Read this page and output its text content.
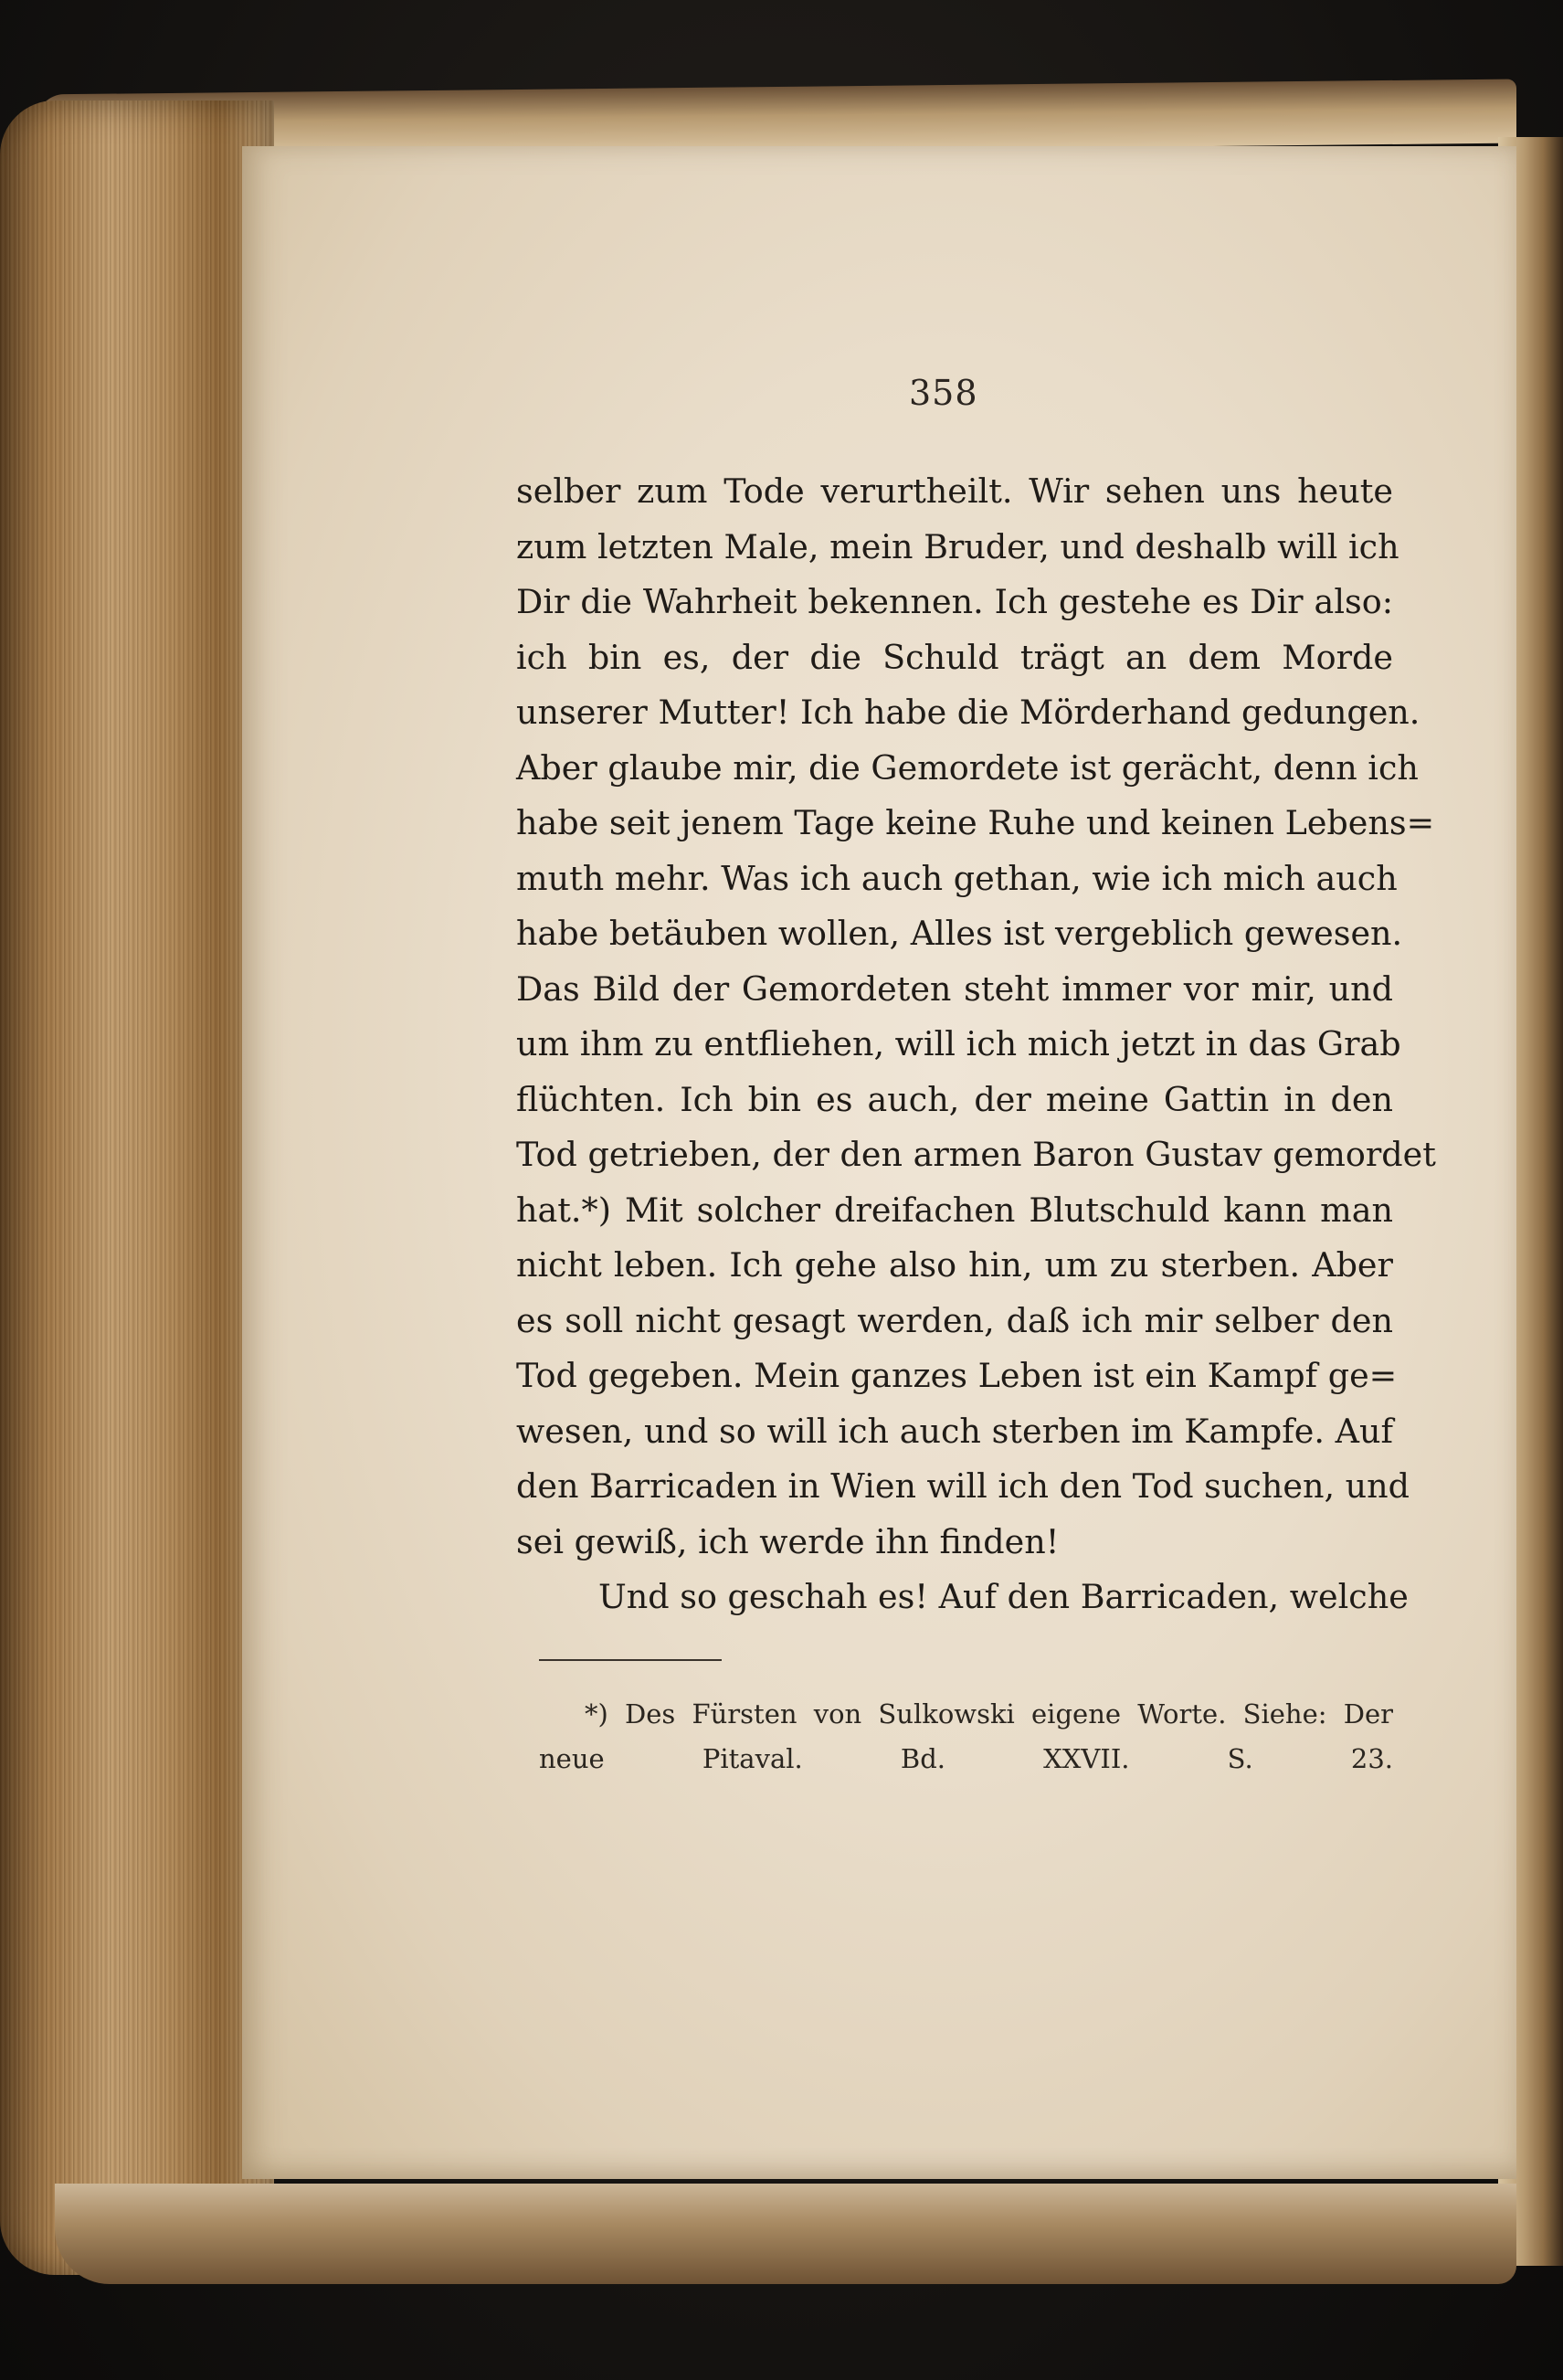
358
selber zum Tode verurtheilt. Wir sehen uns heute
zum letzten Male, mein Bruder, und deshalb will ich
Dir die Wahrheit bekennen. Ich gestehe es Dir also:
ich bin es, der die Schuld trägt an dem Morde
unserer Mutter! Ich habe die Mörderhand gedungen.
Aber glaube mir, die Gemordete ist gerächt, denn ich
habe seit jenem Tage keine Ruhe und keinen Lebens=
muth mehr. Was ich auch gethan, wie ich mich auch
habe betäuben wollen, Alles ist vergeblich gewesen.
Das Bild der Gemordeten steht immer vor mir, und
um ihm zu entfliehen, will ich mich jetzt in das Grab
flüchten. Ich bin es auch, der meine Gattin in den
Tod getrieben, der den armen Baron Gustav gemordet
hat.*) Mit solcher dreifachen Blutschuld kann man
nicht leben. Ich gehe also hin, um zu sterben. Aber
es soll nicht gesagt werden, daß ich mir selber den
Tod gegeben. Mein ganzes Leben ist ein Kampf ge=
wesen, und so will ich auch sterben im Kampfe. Auf
den Barricaden in Wien will ich den Tod suchen, und
sei gewiß, ich werde ihn finden!
Und so geschah es! Auf den Barricaden, welche
*) Des Fürsten von Sulkowski eigene Worte. Siehe: Der
neue Pitaval. Bd. XXVII. S. 23.
